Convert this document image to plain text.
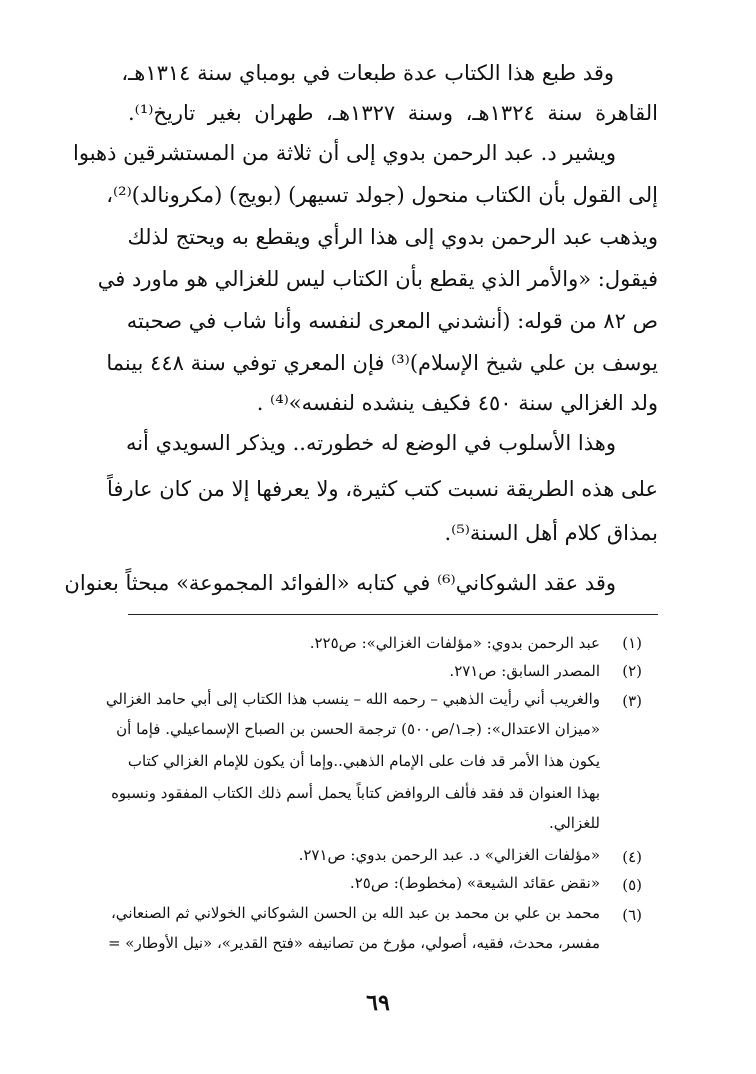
وقد طبع هذا الكتاب عدة طبعات في بومباي سنة ١٣١٤هـ،
القاهرة سنة ١٣٢٤هـ، وسنة ١٣٢٧هـ، طهران بغير تاريخ⁽¹⁾.
ويشير د. عبد الرحمن بدوي إلى أن ثلاثة من المستشرقين ذهبوا
إلى القول بأن الكتاب منحول (جولد تسيهر) (بويج) (مكرونالد)⁽²⁾،
ويذهب عبد الرحمن بدوي إلى هذا الرأي ويقطع به ويحتج لذلك
فيقول: «والأمر الذي يقطع بأن الكتاب ليس للغزالي هو ماورد في
ص ٨٢ من قوله: (أنشدني المعرى لنفسه وأنا شاب في صحبته
يوسف بن علي شيخ الإسلام)⁽³⁾ فإن المعري توفي سنة ٤٤٨ بينما
ولد الغزالي سنة ٤٥٠ فكيف ينشده لنفسه»⁽⁴⁾ .
وهذا الأسلوب في الوضع له خطورته.. ويذكر السويدي أنه
على هذه الطريقة نسبت كتب كثيرة، ولا يعرفها إلا من كان عارفاً
بمذاق كلام أهل السنة⁽⁵⁾.
وقد عقد الشوكاني⁽⁶⁾ في كتابه «الفوائد المجموعة» مبحثاً بعنوان
(١)
(٢)
(٣)
(٤)
(٥)
(٦)
عبد الرحمن بدوي: «مؤلفات الغزالي»: ص٢٢٥.
المصدر السابق: ص٢٧١.
والغريب أني رأيت الذهبي – رحمه الله – ينسب هذا الكتاب إلى أبي حامد الغزالي
«ميزان الاعتدال»: (جـ١/ص٥٠٠) ترجمة الحسن بن الصباح الإسماعيلي. فإما أن
يكون هذا الأمر قد فات على الإمام الذهبي..وإما أن يكون للإمام الغزالي كتاب
بهذا العنوان قد فقد فألف الروافض كتاباً يحمل أسم ذلك الكتاب المفقود ونسبوه
للغزالي.
«مؤلفات الغزالي» د. عبد الرحمن بدوي: ص٢٧١.
«نقض عقائد الشيعة» (مخطوط): ص٢٥.
محمد بن علي بن محمد بن عبد الله بن الحسن الشوكاني الخولاني ثم الصنعاني،
مفسر، محدث، فقيه، أصولي، مؤرخ من تصانيفه «فتح القدير»، «نيل الأوطار» =
٦٩
